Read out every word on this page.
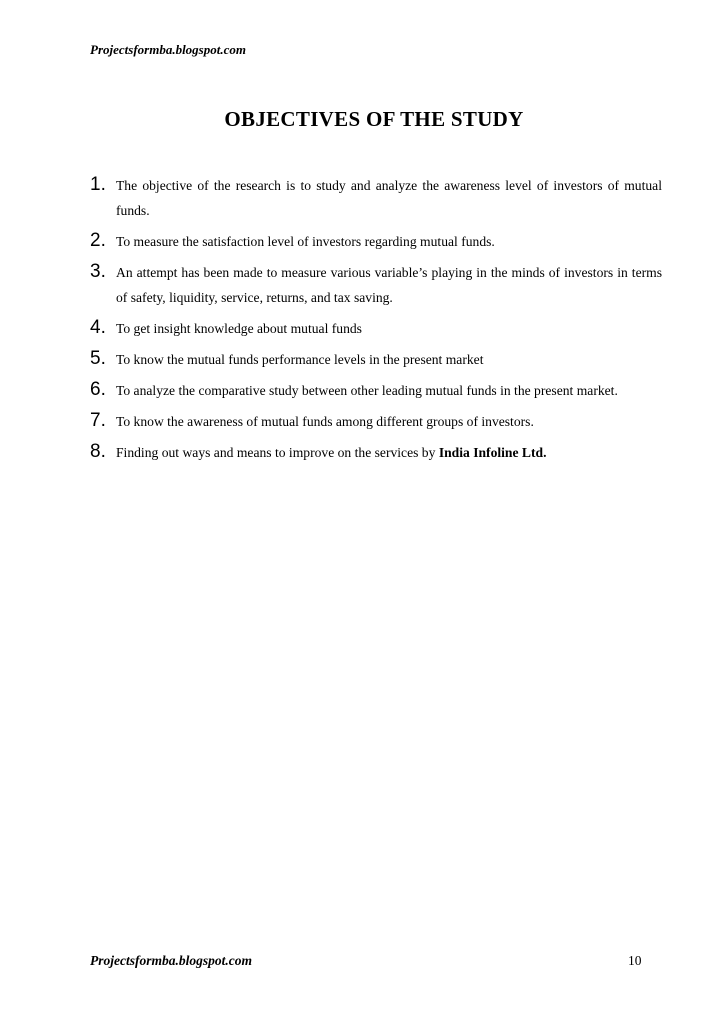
Projectsformba.blogspot.com
OBJECTIVES OF THE STUDY
1. The objective of the research is to study and analyze the awareness level of investors of mutual funds.
2. To measure the satisfaction level of investors regarding mutual funds.
3. An attempt has been made to measure various variable’s playing in the minds of investors in terms of safety, liquidity, service, returns, and tax saving.
4. To get insight knowledge about mutual funds
5. To know the mutual funds performance levels in the present market
6. To analyze the comparative study between other leading mutual funds in the present market.
7. To know the awareness of mutual funds among different groups of investors.
8. Finding out ways and means to improve on the services by India Infoline Ltd.
Projectsformba.blogspot.com	10
